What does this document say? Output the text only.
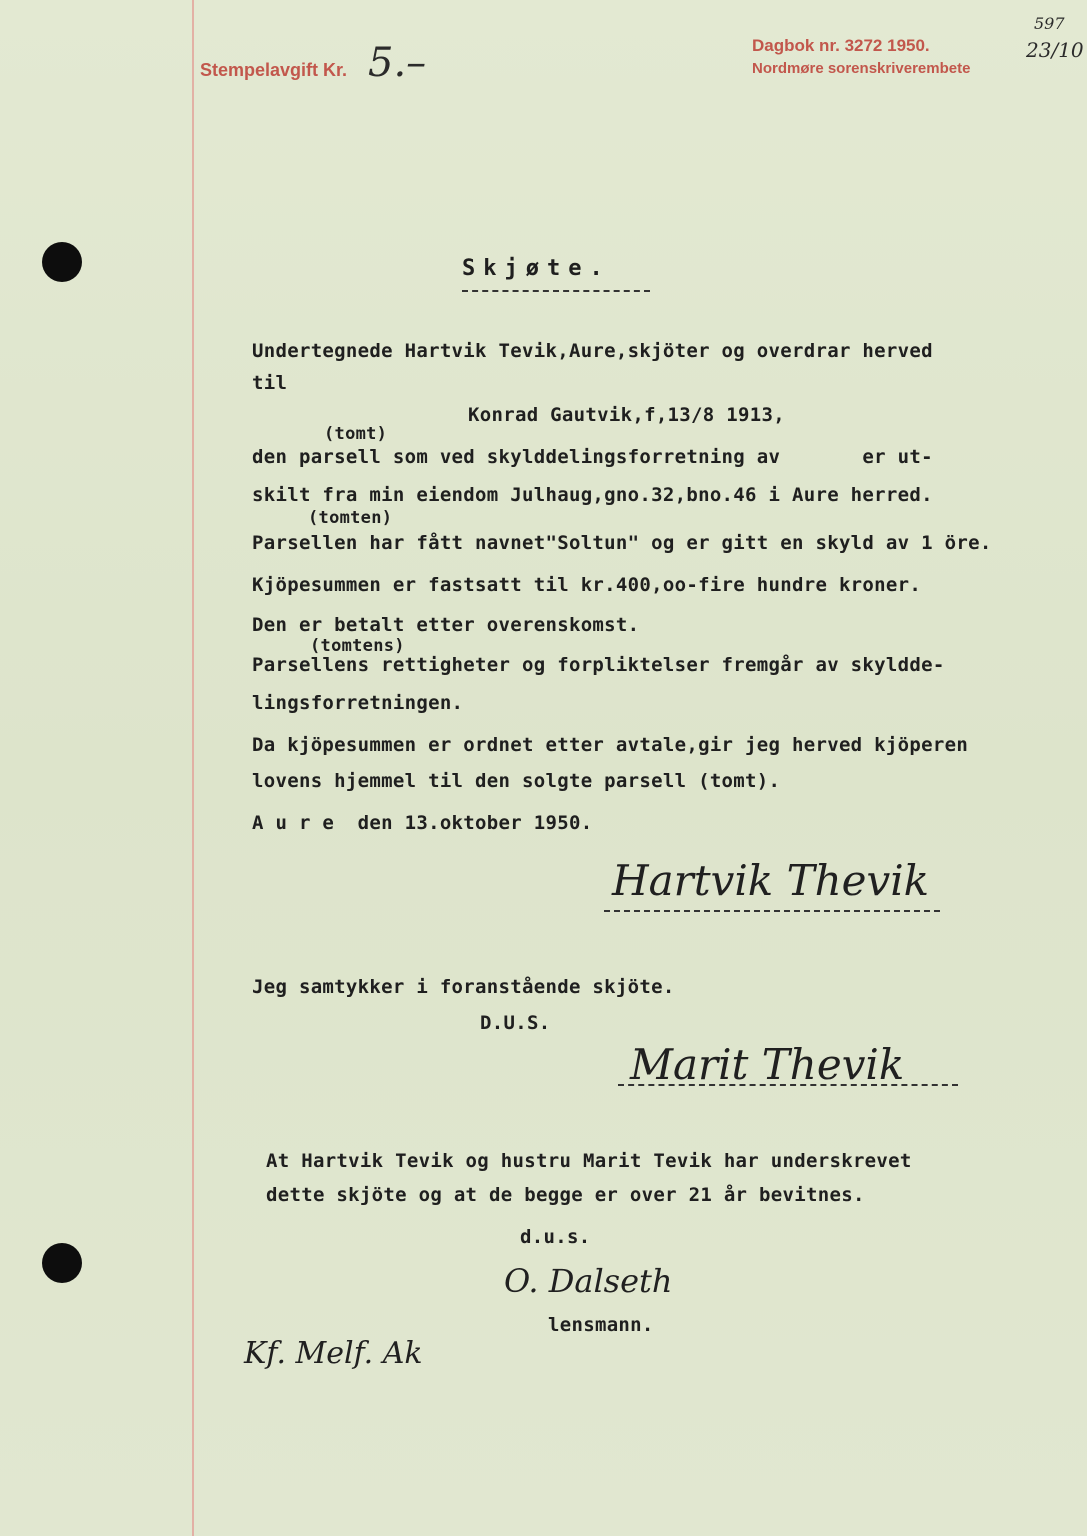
Stempelavgift Kr. 5.–	Dagbok nr. 3272 1950.
Nordmøre sorenskriverembete
597
23/10
Skjøte.
Undertegnede Hartvik Tevik,Aure,skjöter og overdrar herved
til
Konrad Gautvik,f,13/8 1913,
(tomt)
den parsell som ved skylddelingsforretning av       er ut-
skilt fra min eiendom Julhaug,gno.32,bno.46 i Aure herred.
(tomten)
Parsellen har fått navnet"Soltun" og er gitt en skyld av 1 öre.
Kjöpesummen er fastsatt til kr.400,oo-fire hundre kroner.
Den er betalt etter overenskomst.
(tomtens)
Parsellens rettigheter og forpliktelser fremgår av skyldde-
lingsforretningen.
Da kjöpesummen er ordnet etter avtale,gir jeg herved kjöperen
lovens hjemmel til den solgte parsell (tomt).
A u r e  den 13.oktober 1950.
Hartvik Thevik
Jeg samtykker i foranstående skjöte.
D.U.S.
Marit Thevik
At Hartvik Tevik og hustru Marit Tevik har underskrevet
dette skjöte og at de begge er over 21 år bevitnes.
d.u.s.
O. Dalseth
lensmann.
Kf. Melf. Ak
